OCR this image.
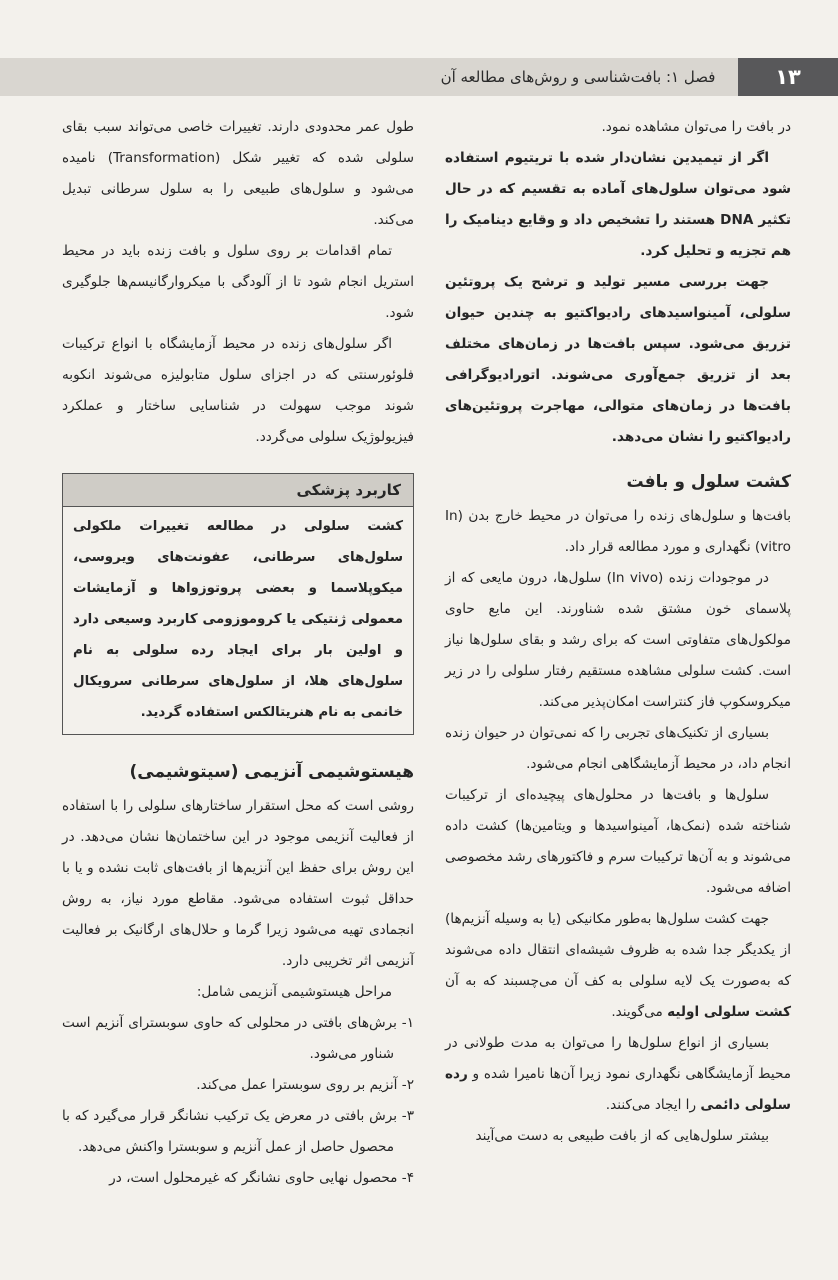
۱۳
فصل ۱: بافت‌شناسی و روش‌های مطالعه آن

در بافت را می‌توان مشاهده نمود.

اگر از تیمیدین نشان‌دار شده با تریتیوم استفاده شود می‌توان سلول‌های آماده به تقسیم که در حال تکثیر DNA هستند را تشخیص داد و وقایع دینامیک را هم تجزیه و تحلیل کرد.

جهت بررسی مسیر تولید و ترشح یک پروتئین سلولی، آمینواسیدهای رادیواکتیو به چندین حیوان تزریق می‌شود. سپس بافت‌ها در زمان‌های مختلف بعد از تزریق جمع‌آوری می‌شوند. اتورادیوگرافی بافت‌ها در زمان‌های متوالی، مهاجرت پروتئین‌های رادیواکتیو را نشان می‌دهد.

کشت سلول و بافت

بافت‌ها و سلول‌های زنده را می‌توان در محیط خارج بدن (In vitro) نگهداری و مورد مطالعه قرار داد.

در موجودات زنده (In vivo) سلول‌ها، درون مایعی که از پلاسمای خون مشتق شده شناورند. این مایع حاوی مولکول‌های متفاوتی است که برای رشد و بقای سلول‌ها نیاز است. کشت سلولی مشاهده مستقیم رفتار سلولی را در زیر میکروسکوپ فاز کنتراست امکان‌پذیر می‌کند.

بسیاری از تکنیک‌های تجربی را که نمی‌توان در حیوان زنده انجام داد، در محیط آزمایشگاهی انجام می‌شود.

سلول‌ها و بافت‌ها در محلول‌های پیچیده‌ای از ترکیبات شناخته شده (نمک‌ها، آمینواسیدها و ویتامین‌ها) کشت داده می‌شوند و به آن‌ها ترکیبات سرم و فاکتورهای رشد مخصوصی اضافه می‌شود.

جهت کشت سلول‌ها به‌طور مکانیکی (یا به وسیله آنزیم‌ها) از یکدیگر جدا شده به ظروف شیشه‌ای انتقال داده می‌شوند که به‌صورت یک لایه سلولی به کف آن می‌چسبند که به آن کشت سلولی اولیه می‌گویند.

بسیاری از انواع سلول‌ها را می‌توان به مدت طولانی در محیط آزمایشگاهی نگهداری نمود زیرا آن‌ها نامیرا شده و رده سلولی دائمی را ایجاد می‌کنند.

بیشتر سلول‌هایی که از بافت طبیعی به دست می‌آیند

طول عمر محدودی دارند. تغییرات خاصی می‌تواند سبب بقای سلولی شده که تغییر شکل (Transformation) نامیده می‌شود و سلول‌های طبیعی را به سلول سرطانی تبدیل می‌کند.

تمام اقدامات بر روی سلول و بافت زنده باید در محیط استریل انجام شود تا از آلودگی با میکروارگانیسم‌ها جلوگیری شود.

اگر سلول‌های زنده در محیط آزمایشگاه با انواع ترکیبات فلوئورسنتی که در اجزای سلول متابولیزه می‌شوند انکوبه شوند موجب سهولت در شناسایی ساختار و عملکرد فیزیولوژیک سلولی می‌گردد.

کاربرد پزشکی
کشت سلولی در مطالعه تغییرات ملکولی سلول‌های سرطانی، عفونت‌های ویروسی، میکوپلاسما و بعضی پروتوزواها و آزمایشات معمولی ژنتیکی یا کروموزومی کاربرد وسیعی دارد و اولین بار برای ایجاد رده سلولی به نام سلول‌های هلا، از سلول‌های سرطانی سرویکال خانمی به نام هنریتالکس استفاده گردید.
هیستوشیمی آنزیمی (سیتوشیمی)

روشی است که محل استقرار ساختارهای سلولی را با استفاده از فعالیت آنزیمی موجود در این ساختمان‌ها نشان می‌دهد. در این روش برای حفظ این آنزیم‌ها از بافت‌های ثابت نشده و یا با حداقل ثبوت استفاده می‌شود. مقاطع مورد نیاز، به روش انجمادی تهیه می‌شود زیرا گرما و حلال‌های ارگانیک بر فعالیت آنزیمی اثر تخریبی دارد.

مراحل هیستوشیمی آنزیمی شامل:

۱- برش‌های بافتی در محلولی که حاوی سوبسترای آنزیم است شناور می‌شود.

۲- آنزیم بر روی سوبسترا عمل می‌کند.

۳- برش بافتی در معرض یک ترکیب نشانگر قرار می‌گیرد که با محصول حاصل از عمل آنزیم و سوبسترا واکنش می‌دهد.

۴- محصول نهایی حاوی نشانگر که غیرمحلول است، در
